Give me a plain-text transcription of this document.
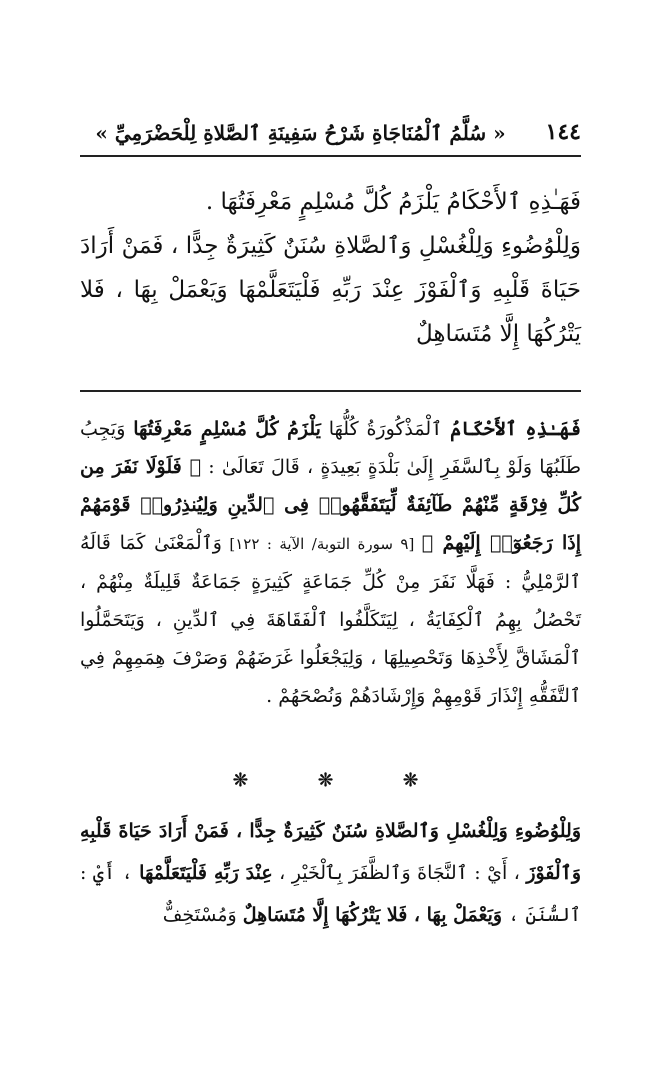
« سُلَّمُ ٱلْمُنَاجَاةِ شَرْحُ سَفِينَةِ ٱلصَّلاةِ لِلْحَضْرَمِيِّ »	١٤٤

فَهَـٰذِهِ ٱلأَحْكَامُ يَلْزَمُ كُلَّ مُسْلِمٍ مَعْرِفَتُهَا .

وَلِلْوُضُوءِ وَلِلْغُسْلِ وَٱلصَّلاةِ سُنَنٌ كَثِيرَةٌ جِدًّا ، فَمَنْ أَرَادَ حَيَاةَ قَلْبِهِ وَٱلْفَوْزَ عِنْدَ رَبِّهِ فَلْيَتَعَلَّمْهَا وَيَعْمَلْ بِهَا ، فَلا يَتْرُكُهَا إِلَّا مُتَسَاهِلٌ

فَهَـٰذِهِ ٱلأَحْكَامُ ٱلْمَذْكُورَةُ كُلُّهَا يَلْزَمُ كُلَّ مُسْلِمٍ مَعْرِفَتُهَا وَيَجِبُ طَلَبُهَا وَلَوْ بِٱلسَّفَرِ إِلَىٰ بَلْدَةٍ بَعِيدَةٍ ، قَالَ تَعَالَىٰ : ﴿ فَلَوْلَا نَفَرَ مِن كُلِّ فِرْقَةٍ مِّنْهُمْ طَآئِفَةٌ لِّيَتَفَقَّهُوا۟ فِى ٱلدِّينِ وَلِيُنذِرُوا۟ قَوْمَهُمْ إِذَا رَجَعُوٓا۟ إِلَيْهِمْ ﴾ [٩ سورة التوبة/ الآية : ١٢٢] وَٱلْمَعْنَىٰ كَمَا قَالَهُ ٱلرَّمْلِيُّ : فَهَلَّا نَفَرَ مِنْ كُلِّ جَمَاعَةٍ كَثِيرَةٍ جَمَاعَةٌ قَلِيلَةٌ مِنْهُمْ ، تَحْصُلُ بِهِمُ ٱلْكِفَايَةُ ، لِيَتَكَلَّفُوا ٱلْفَقَاهَةَ فِي ٱلدِّينِ ، وَيَتَحَمَّلُوا ٱلْمَشَاقَّ لِأَخْذِهَا وَتَحْصِيلِهَا ، وَلِيَجْعَلُوا غَرَضَهُمْ وَصَرْفَ هِمَمِهِمْ فِي ٱلتَّفَقُّهِ إِنْذَارَ قَوْمِهِمْ وَإِرْشَادَهُمْ وَنُصْحَهُمْ .

❊	❊	❊

وَلِلْوُضُوءِ وَلِلْغُسْلِ وَٱلصَّلاةِ سُنَنٌ كَثِيرَةٌ جِدًّا ، فَمَنْ أَرَادَ حَيَاةَ قَلْبِهِ وَٱلْفَوْزَ ، أَيْ : ٱلنَّجَاةَ وَٱلظَّفَرَ بِٱلْخَيْرِ ، عِنْدَ رَبِّهِ فَلْيَتَعَلَّمْهَا ، أَيْ : ٱلسُّنَنَ ، وَيَعْمَلْ بِهَا ، فَلا يَتْرُكُهَا إِلَّا مُتَسَاهِلٌ وَمُسْتَخِفٌّ
